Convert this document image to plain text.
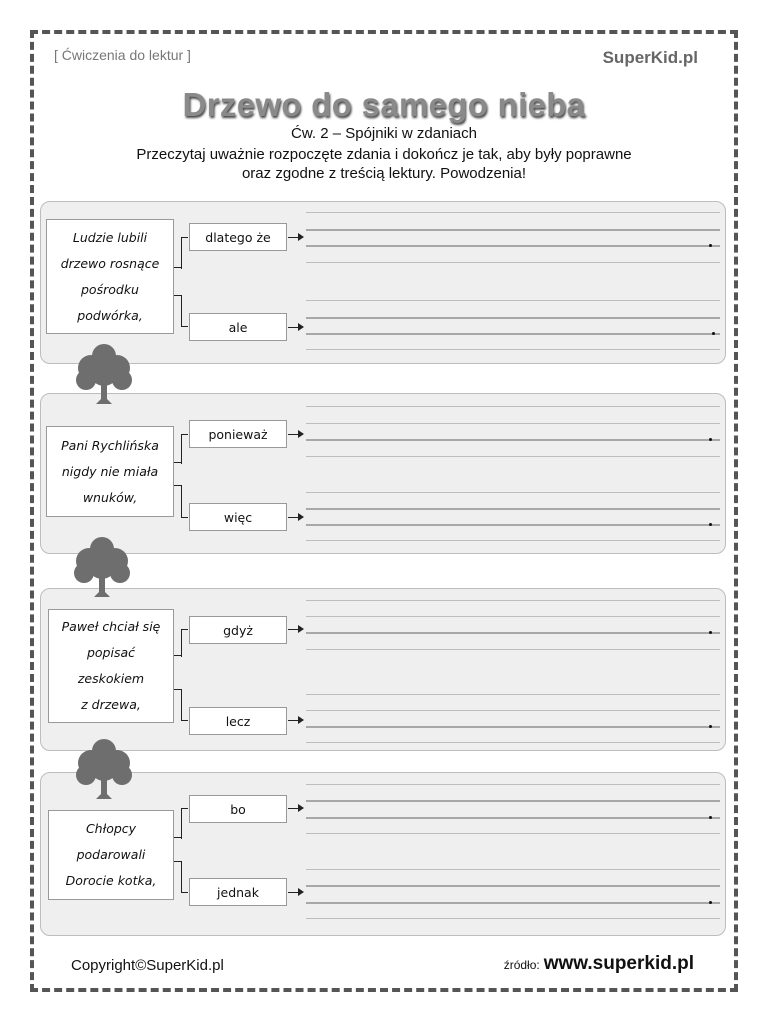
[ Ćwiczenia do lektur ]	SuperKid.pl
Drzewo do samego nieba
Ćw. 2 – Spójniki w zdaniach
Przeczytaj uważnie rozpoczęte zdania i dokończ je tak, aby były poprawne
oraz zgodne z treścią lektury. Powodzenia!
Ludzie lubili
drzewo rosnące
pośrodku
podwórka,
dlatego że
ale
Pani Rychlińska
nigdy nie miała
wnuków,
ponieważ
więc
Paweł chciał się
popisać
zeskokiem
z drzewa,
gdyż
lecz
Chłopcy
podarowali
Dorocie kotka,
bo
jednak
Copyright©SuperKid.pl	źródło: www.superkid.pl
